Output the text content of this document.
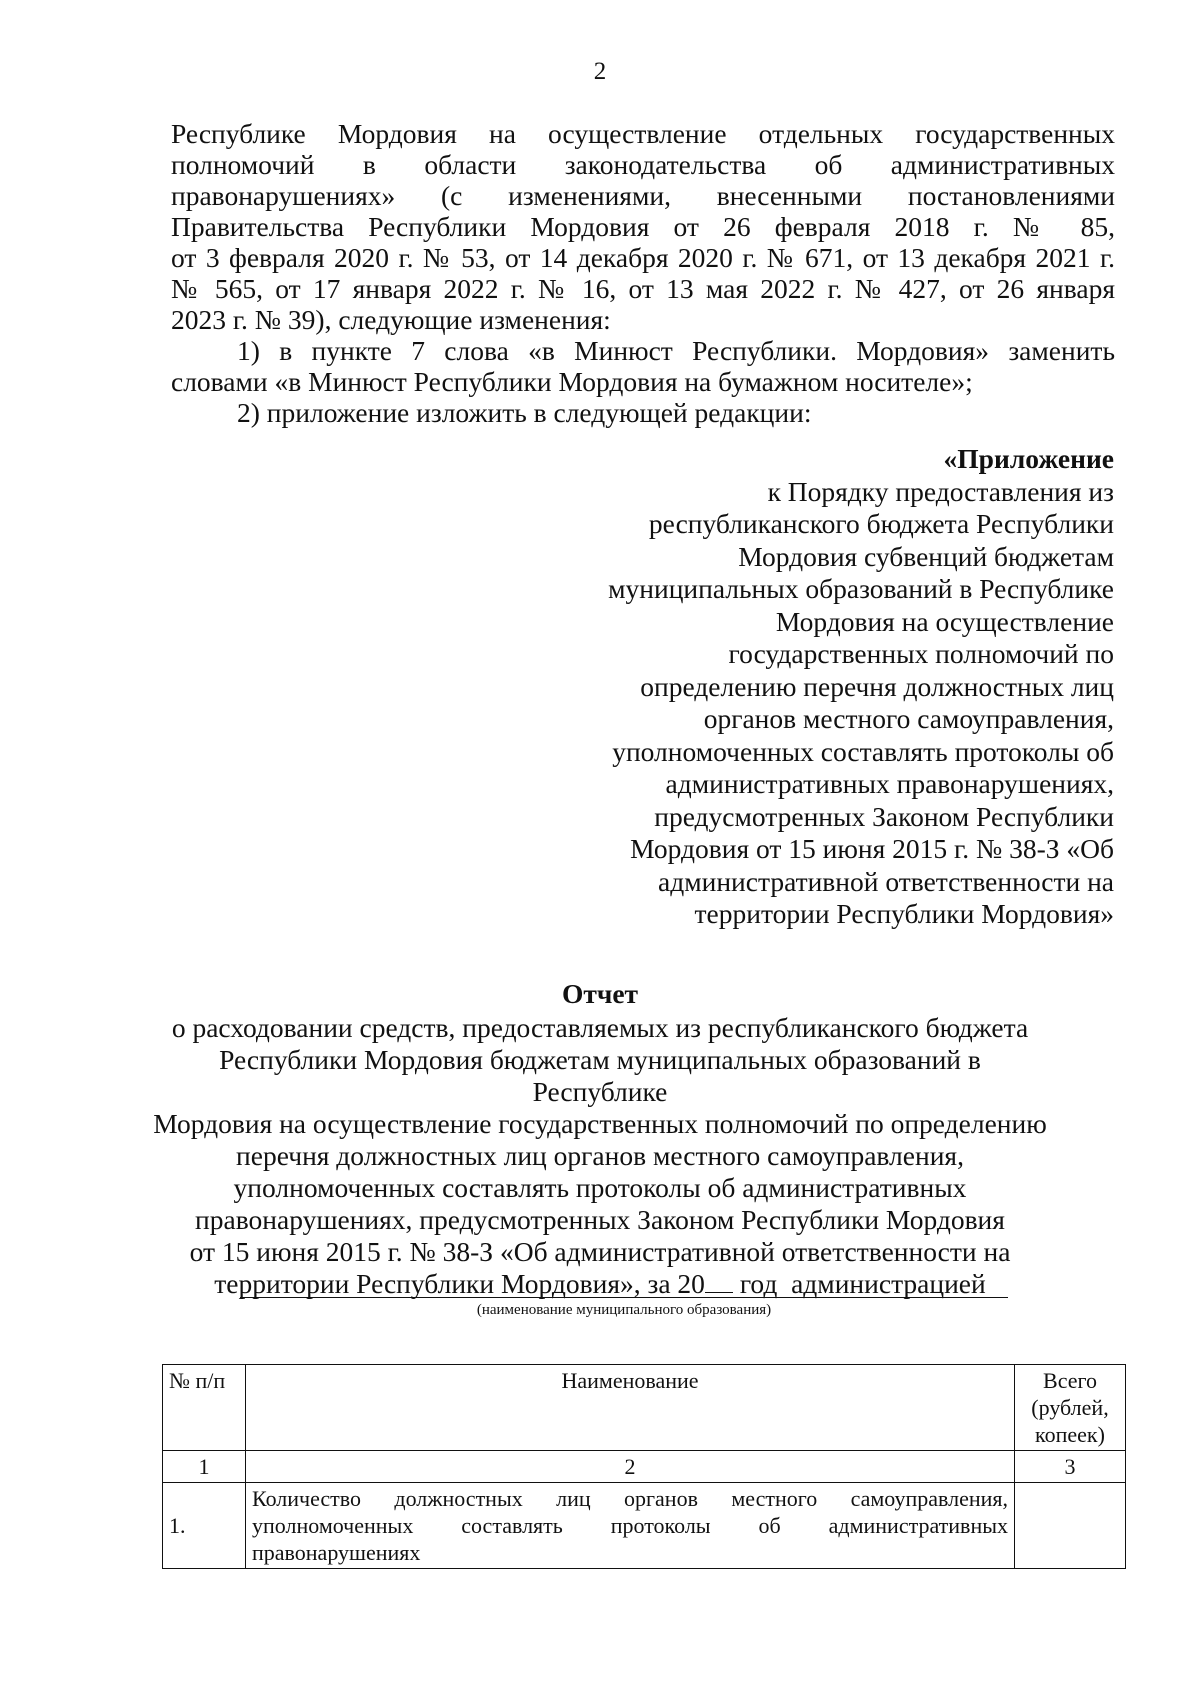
2

Республике Мордовия на осуществление отдельных государственных
полномочий в области законодательства об административных
правонарушениях» (с изменениями, внесенными постановлениями
Правительства Республики Мордовия от 26 февраля 2018 г. № 85,
от 3 февраля 2020 г. № 53, от 14 декабря 2020 г. № 671, от 13 декабря 2021 г.
№ 565, от 17 января 2022 г. № 16, от 13 мая 2022 г. № 427, от 26 января
2023 г. № 39), следующие изменения:

1) в пункте 7 слова «в Минюст Республики. Мордовия» заменить
словами «в Минюст Республики Мордовия на бумажном носителе»;

2) приложение изложить в следующей редакции:

«Приложение
к Порядку предоставления из
республиканского бюджета Республики
Мордовия субвенций бюджетам
муниципальных образований в Республике
Мордовия на осуществление
государственных полномочий по
определению перечня должностных лиц
органов местного самоуправления,
уполномоченных составлять протоколы об
административных правонарушениях,
предусмотренных Законом Республики
Мордовия от 15 июня 2015 г. № 38-З «Об
административной ответственности на
территории Республики Мордовия»
Отчет
о расходовании средств, предоставляемых из республиканского бюджета
Республики Мордовия бюджетам муниципальных образований в Республике
Мордовия на осуществление государственных полномочий по определению
перечня должностных лиц органов местного самоуправления,
уполномоченных составлять протоколы об административных
правонарушениях, предусмотренных Законом Республики Мордовия
от 15 июня 2015 г. № 38-З «Об административной ответственности на
территории Республики Мордовия», за 20 год  администрацией
(наименование муниципального образования)
№ п/п	Наименование	Всего (рублей, копеек)
1	2	3
1.	Количество должностных лиц органов местного самоуправления, уполномоченных составлять протоколы об административных правонарушениях	
